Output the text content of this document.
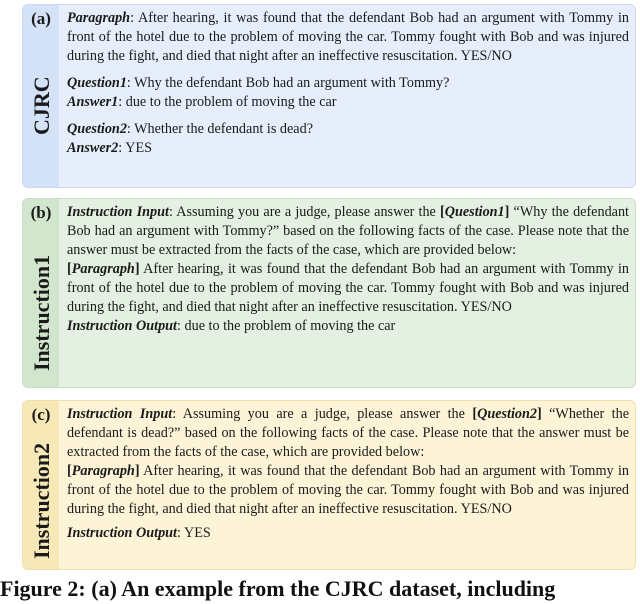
(a)
CJRC

Paragraph: After hearing, it was found that the defendant Bob had an argument with Tommy in front of the hotel due to the problem of moving the car. Tommy fought with Bob and was injured during the fight, and died that night after an ineffective resuscitation. YES/NO

Question1: Why the defendant Bob had an argument with Tommy?

Answer1: due to the problem of moving the car

Question2: Whether the defendant is dead?

Answer2: YES

(b)
Instruction1

Instruction Input: Assuming you are a judge, please answer the [Question1] “Why the defendant Bob had an argument with Tommy?” based on the following facts of the case. Please note that the answer must be extracted from the facts of the case, which are provided below:

[Paragraph] After hearing, it was found that the defendant Bob had an argument with Tommy in front of the hotel due to the problem of moving the car. Tommy fought with Bob and was injured during the fight, and died that night after an ineffective resuscitation. YES/NO

Instruction Output: due to the problem of moving the car

(c)
Instruction2

Instruction Input: Assuming you are a judge, please answer the [Question2] “Whether the defendant is dead?” based on the following facts of the case. Please note that the answer must be extracted from the facts of the case, which are provided below:

[Paragraph] After hearing, it was found that the defendant Bob had an argument with Tommy in front of the hotel due to the problem of moving the car. Tommy fought with Bob and was injured during the fight, and died that night after an ineffective resuscitation. YES/NO

Instruction Output: YES

Figure 2: (a) An example from the CJRC dataset, including
